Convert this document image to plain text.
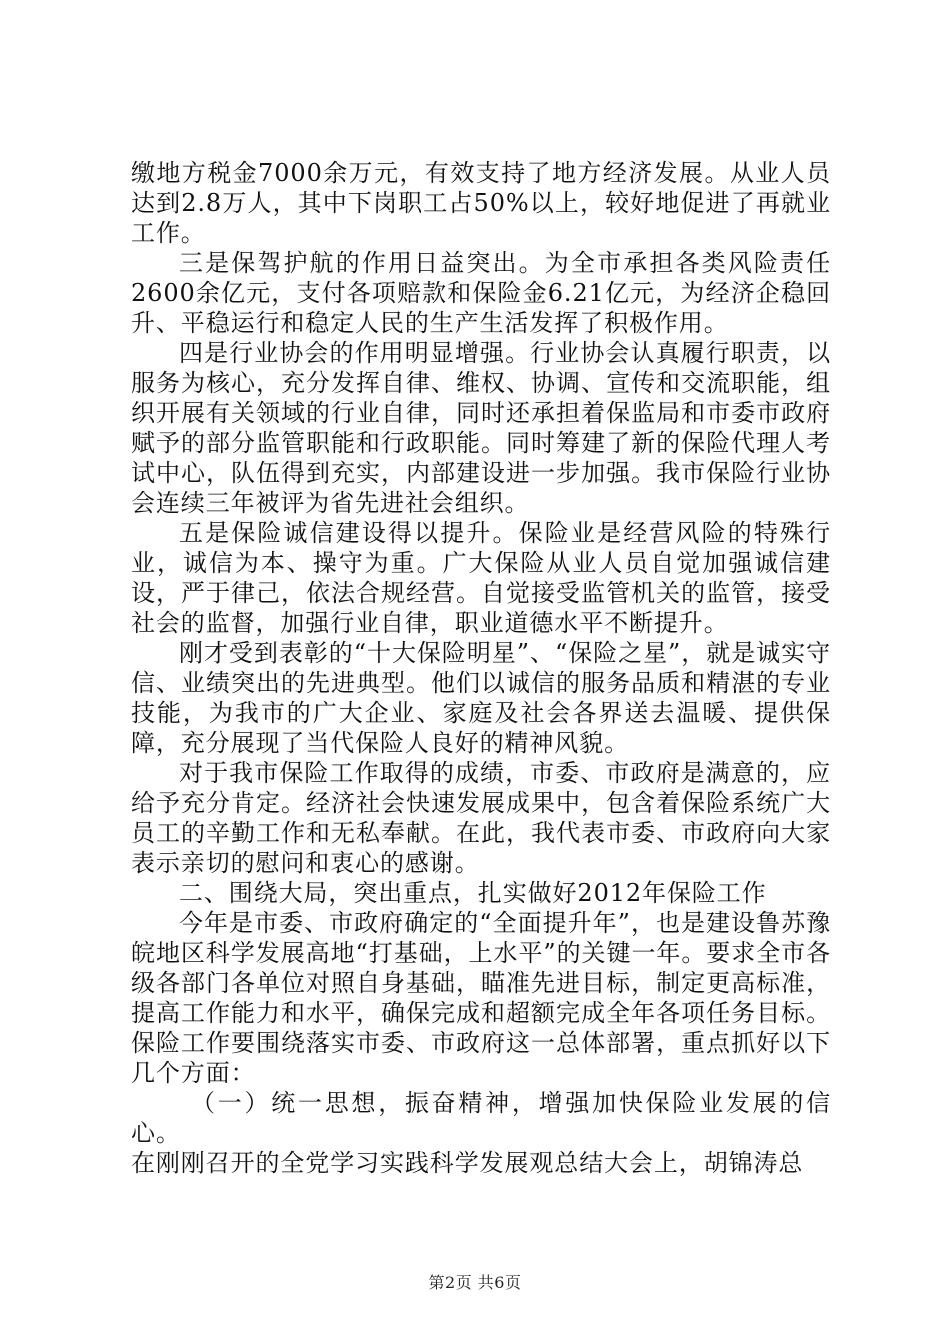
缴地方税金7000余万元，有效支持了地方经济发展。从业人员达到2.8万人，其中下岗职工占50%以上，较好地促进了再就业工作。

三是保驾护航的作用日益突出。为全市承担各类风险责任2600余亿元，支付各项赔款和保险金6.21亿元，为经济企稳回升、平稳运行和稳定人民的生产生活发挥了积极作用。

四是行业协会的作用明显增强。行业协会认真履行职责，以服务为核心，充分发挥自律、维权、协调、宣传和交流职能，组织开展有关领域的行业自律，同时还承担着保监局和市委市政府赋予的部分监管职能和行政职能。同时筹建了新的保险代理人考试中心，队伍得到充实，内部建设进一步加强。我市保险行业协会连续三年被评为省先进社会组织。

五是保险诚信建设得以提升。保险业是经营风险的特殊行业，诚信为本、操守为重。广大保险从业人员自觉加强诚信建设，严于律己，依法合规经营。自觉接受监管机关的监管，接受社会的监督，加强行业自律，职业道德水平不断提升。

刚才受到表彰的“十大保险明星”、“保险之星”，就是诚实守信、业绩突出的先进典型。他们以诚信的服务品质和精湛的专业技能，为我市的广大企业、家庭及社会各界送去温暖、提供保障，充分展现了当代保险人良好的精神风貌。

对于我市保险工作取得的成绩，市委、市政府是满意的，应给予充分肯定。经济社会快速发展成果中，包含着保险系统广大员工的辛勤工作和无私奉献。在此，我代表市委、市政府向大家表示亲切的慰问和衷心的感谢。

二、围绕大局，突出重点，扎实做好2012年保险工作

今年是市委、市政府确定的“全面提升年”，也是建设鲁苏豫皖地区科学发展高地“打基础，上水平”的关键一年。要求全市各级各部门各单位对照自身基础，瞄准先进目标，制定更高标准，提高工作能力和水平，确保完成和超额完成全年各项任务目标。保险工作要围绕落实市委、市政府这一总体部署，重点抓好以下几个方面：

（一）统一思想，振奋精神，增强加快保险业发展的信心。

在刚刚召开的全党学习实践科学发展观总结大会上，胡锦涛总

第2页 共6页
